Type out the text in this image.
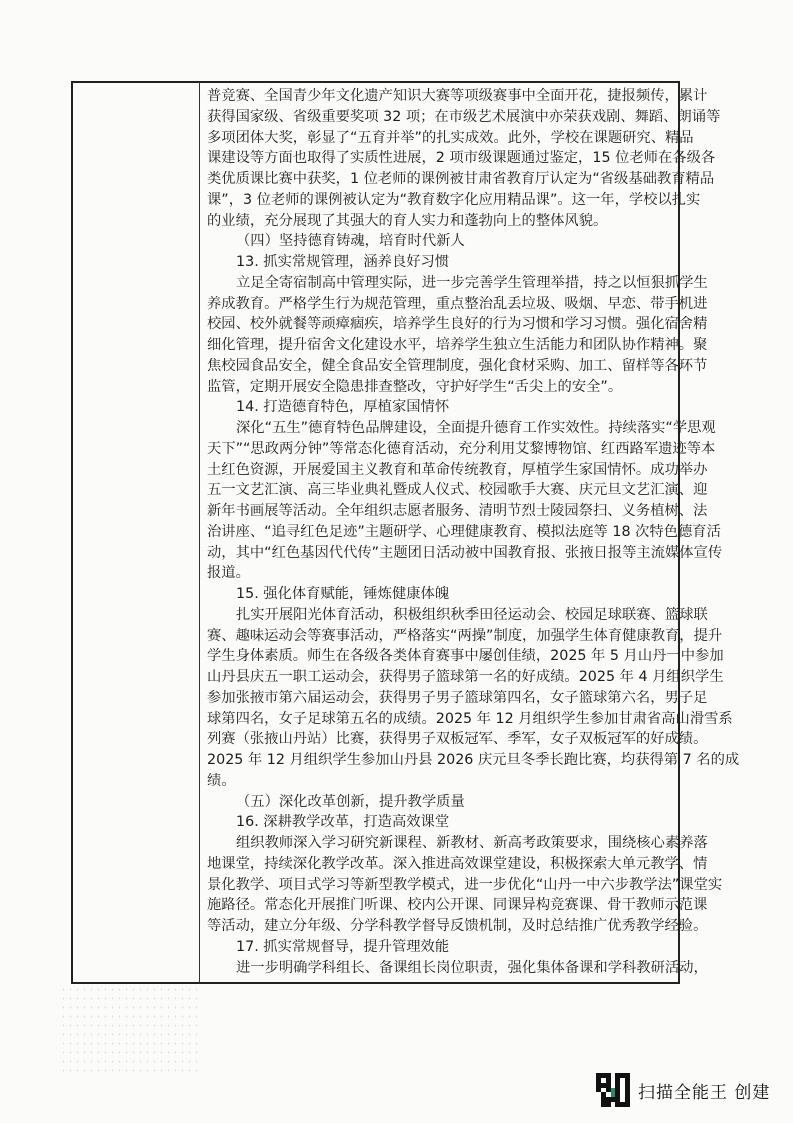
普竞赛、全国青少年文化遗产知识大赛等项级赛事中全面开花，捷报频传，累计
获得国家级、省级重要奖项 32 项；在市级艺术展演中亦荣获戏剧、舞蹈、朗诵等
多项团体大奖，彰显了“五育并举”的扎实成效。此外，学校在课题研究、精品
课建设等方面也取得了实质性进展，2 项市级课题通过鉴定，15 位老师在各级各
类优质课比赛中获奖，1 位老师的课例被甘肃省教育厅认定为“省级基础教育精品
课”，3 位老师的课例被认定为“教育数字化应用精品课”。这一年，学校以扎实
的业绩，充分展现了其强大的育人实力和蓬勃向上的整体风貌。
（四）坚持德育铸魂，培育时代新人
13. 抓实常规管理，涵养良好习惯
立足全寄宿制高中管理实际，进一步完善学生管理举措，持之以恒狠抓学生
养成教育。严格学生行为规范管理，重点整治乱丢垃圾、吸烟、早恋、带手机进
校园、校外就餐等顽瘴痼疾，培养学生良好的行为习惯和学习习惯。强化宿舍精
细化管理，提升宿舍文化建设水平，培养学生独立生活能力和团队协作精神。聚
焦校园食品安全，健全食品安全管理制度，强化食材采购、加工、留样等各环节
监管，定期开展安全隐患排查整改，守护好学生“舌尖上的安全”。
14. 打造德育特色，厚植家国情怀
深化“五生”德育特色品牌建设，全面提升德育工作实效性。持续落实“学思观
天下”“思政两分钟”等常态化德育活动，充分利用艾黎博物馆、红西路军遗迹等本
土红色资源，开展爱国主义教育和革命传统教育，厚植学生家国情怀。成功举办
五一文艺汇演、高三毕业典礼暨成人仪式、校园歌手大赛、庆元旦文艺汇演、迎
新年书画展等活动。全年组织志愿者服务、清明节烈士陵园祭扫、义务植树、法
治讲座、“追寻红色足迹”主题研学、心理健康教育、模拟法庭等 18 次特色德育活
动，其中“红色基因代代传”主题团日活动被中国教育报、张掖日报等主流媒体宣传
报道。
15. 强化体育赋能，锤炼健康体魄
扎实开展阳光体育活动，积极组织秋季田径运动会、校园足球联赛、篮球联
赛、趣味运动会等赛事活动，严格落实“两操”制度，加强学生体育健康教育，提升
学生身体素质。师生在各级各类体育赛事中屡创佳绩，2025 年 5 月山丹一中参加
山丹县庆五一职工运动会，获得男子篮球第一名的好成绩。2025 年 4 月组织学生
参加张掖市第六届运动会，获得男子男子篮球第四名，女子篮球第六名，男子足
球第四名，女子足球第五名的成绩。2025 年 12 月组织学生参加甘肃省高山滑雪系
列赛（张掖山丹站）比赛，获得男子双板冠军、季军，女子双板冠军的好成绩。
2025 年 12 月组织学生参加山丹县 2026 庆元旦冬季长跑比赛，均获得第 7 名的成
绩。
（五）深化改革创新，提升教学质量
16. 深耕教学改革，打造高效课堂
组织教师深入学习研究新课程、新教材、新高考政策要求，围绕核心素养落
地课堂，持续深化教学改革。深入推进高效课堂建设，积极探索大单元教学、情
景化教学、项目式学习等新型教学模式，进一步优化“山丹一中六步教学法”课堂实
施路径。常态化开展推门听课、校内公开课、同课异构竞赛课、骨干教师示范课
等活动，建立分年级、分学科教学督导反馈机制，及时总结推广优秀教学经验。
17. 抓实常规督导，提升管理效能
进一步明确学科组长、备课组长岗位职责，强化集体备课和学科教研活动，
扫描全能王 创建
